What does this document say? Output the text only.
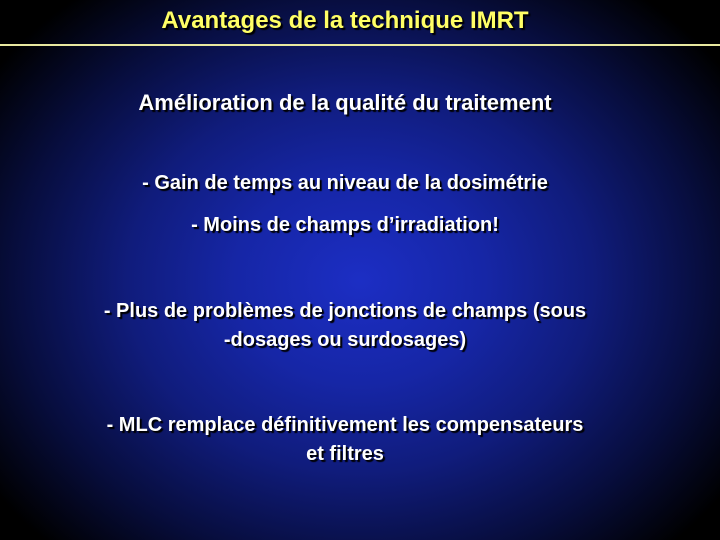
Avantages de la technique IMRT
Amélioration de la qualité du traitement
- Gain de temps au niveau de la dosimétrie
- Moins de champs d’irradiation!
- Plus de problèmes de jonctions de champs (sous
-dosages ou surdosages)
- MLC remplace définitivement les compensateurs
et filtres
